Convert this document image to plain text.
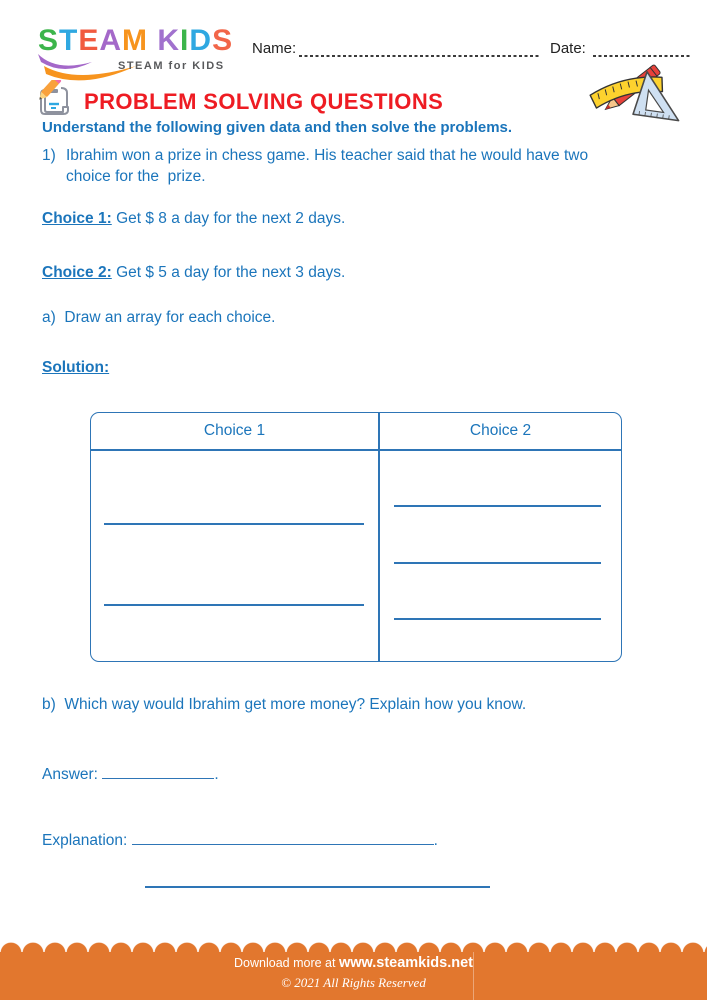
STEAM KIDS
STEAM for KIDS
Name:	Date:
PROBLEM SOLVING QUESTIONS
Understand the following given data and then solve the problems.
1) Ibrahim won a prize in chess game. His teacher said that he would have two
choice for the  prize.
Choice 1: Get $ 8 a day for the next 2 days.
Choice 2: Get $ 5 a day for the next 3 days.
a) Draw an array for each choice.
Solution:
Choice 1	Choice 2
b) Which way would Ibrahim get more money? Explain how you know.
Answer:	.
Explanation:	.
Download more at www.steamkids.net
© 2021 All Rights Reserved
